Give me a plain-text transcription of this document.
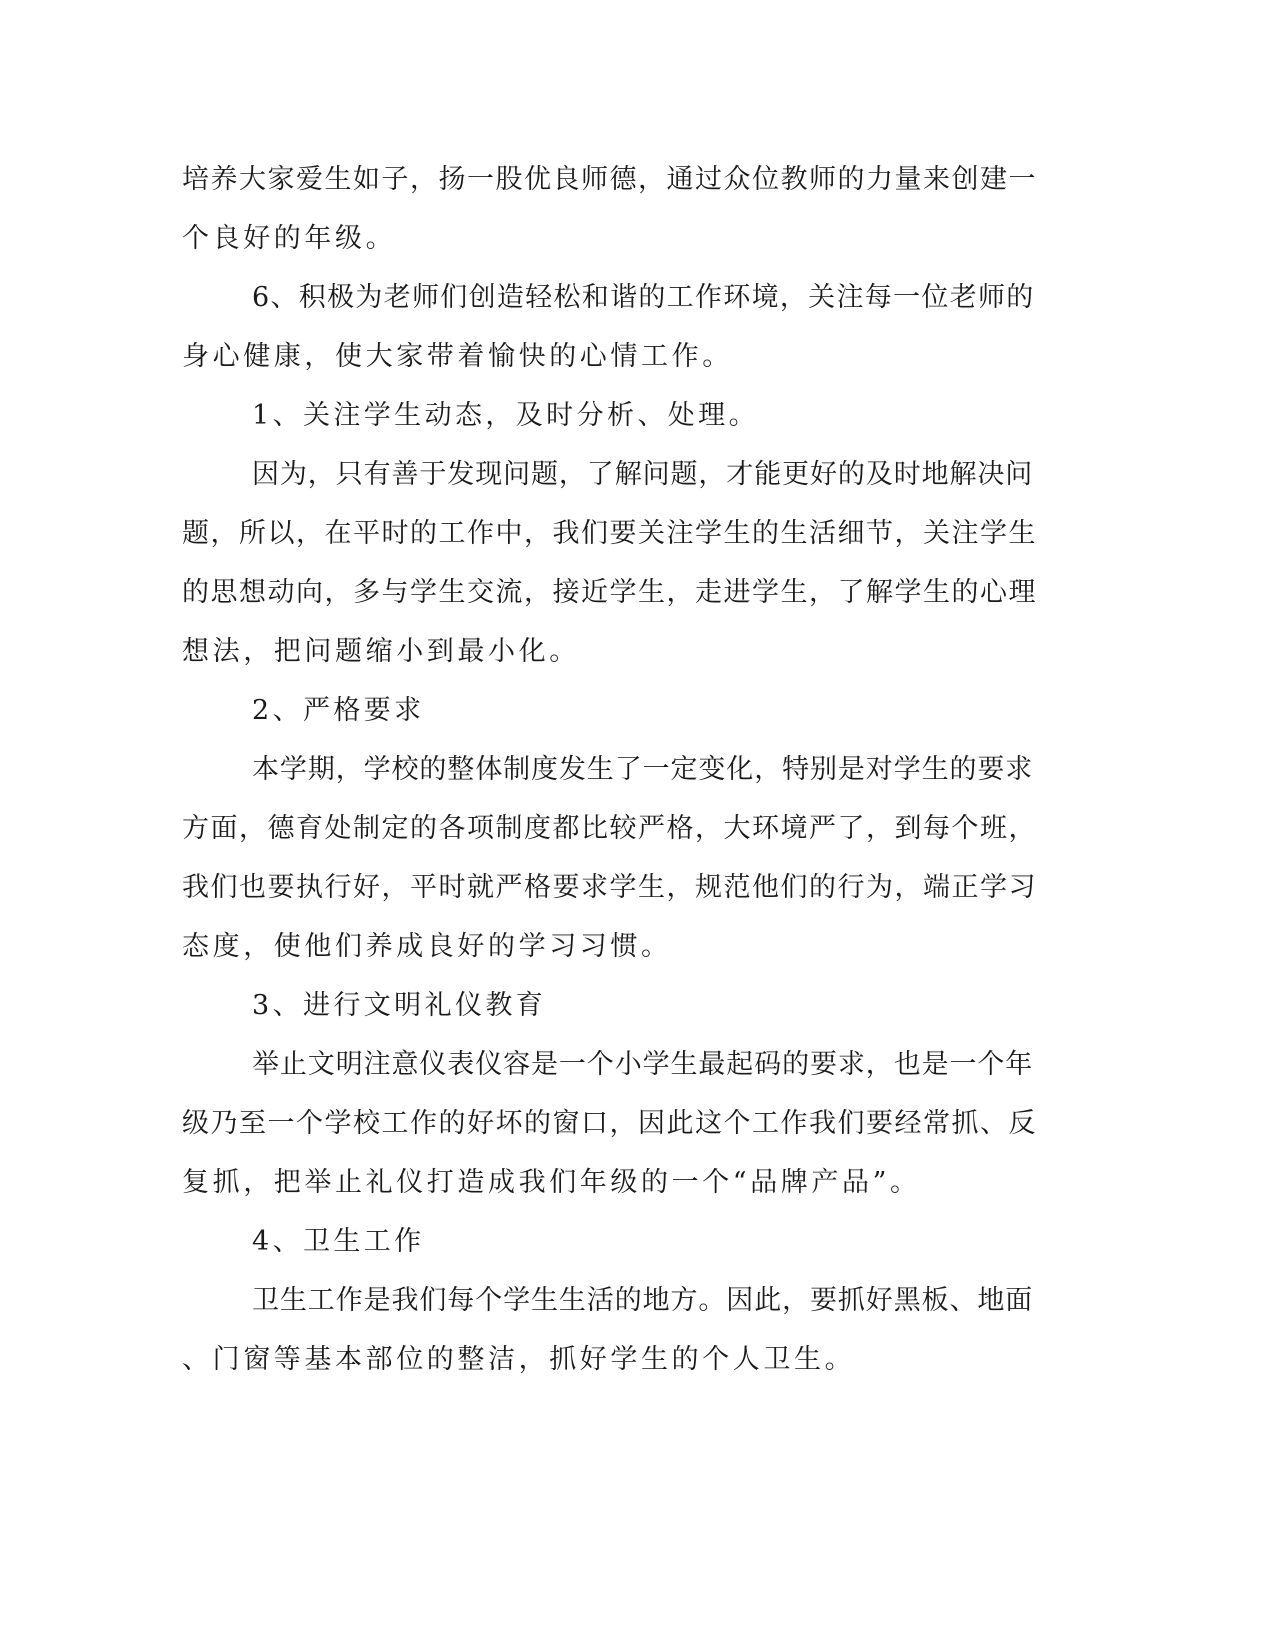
培养大家爱生如子，扬一股优良师德，通过众位教师的力量来创建一

个良好的年级。

6、积极为老师们创造轻松和谐的工作环境，关注每一位老师的

身心健康，使大家带着愉快的心情工作。

1、关注学生动态，及时分析、处理。

因为，只有善于发现问题，了解问题，才能更好的及时地解决问

题，所以，在平时的工作中，我们要关注学生的生活细节，关注学生

的思想动向，多与学生交流，接近学生，走进学生，了解学生的心理

想法，把问题缩小到最小化。

2、严格要求

本学期，学校的整体制度发生了一定变化，特别是对学生的要求

方面，德育处制定的各项制度都比较严格，大环境严了，到每个班，

我们也要执行好，平时就严格要求学生，规范他们的行为，端正学习

态度，使他们养成良好的学习习惯。

3、进行文明礼仪教育

举止文明注意仪表仪容是一个小学生最起码的要求，也是一个年

级乃至一个学校工作的好坏的窗口，因此这个工作我们要经常抓、反

复抓，把举止礼仪打造成我们年级的一个“品牌产品”。

4、卫生工作

卫生工作是我们每个学生生活的地方。因此，要抓好黑板、地面

、门窗等基本部位的整洁，抓好学生的个人卫生。
